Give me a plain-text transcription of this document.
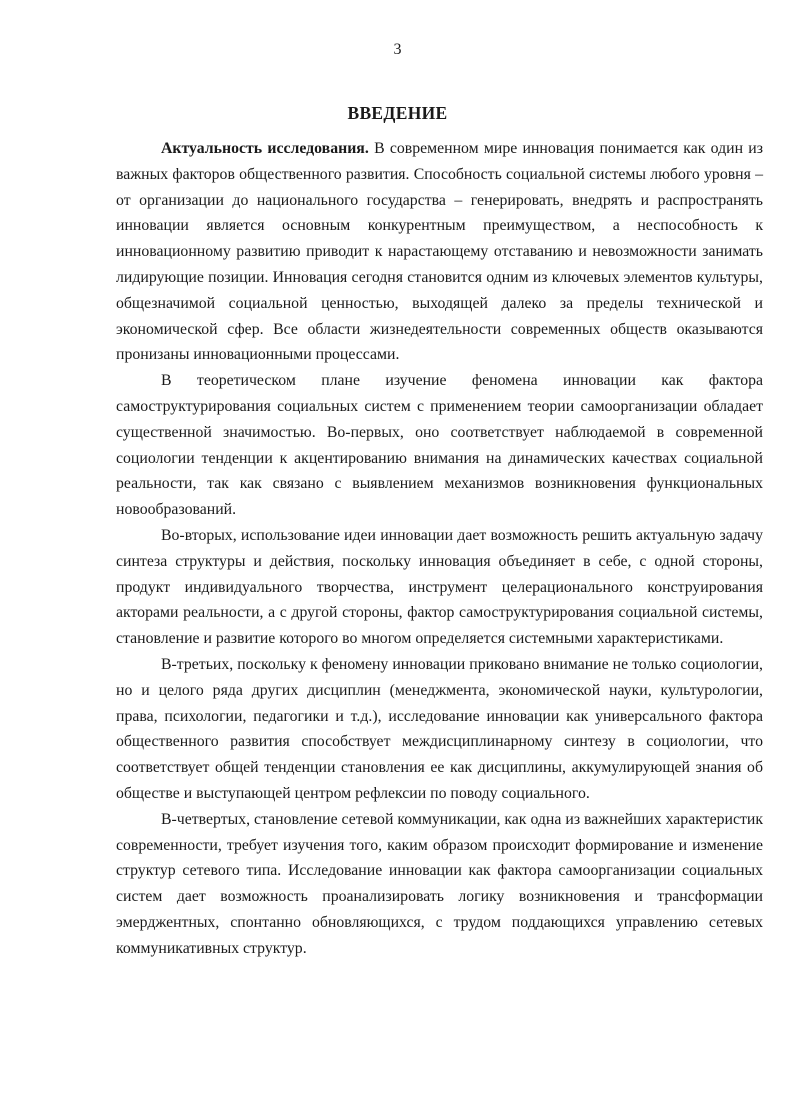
3
ВВЕДЕНИЕ

Актуальность исследования. В современном мире инновация понимается как один из важных факторов общественного развития. Способность социальной системы любого уровня – от организации до национального государства – генерировать, внедрять и распространять инновации является основным конкурентным преимуществом, а неспособность к инновационному развитию приводит к нарастающему отставанию и невозможности занимать лидирующие позиции. Инновация сегодня становится одним из ключевых элементов культуры, общезначимой социальной ценностью, выходящей далеко за пределы технической и экономической сфер. Все области жизнедеятельности современных обществ оказываются пронизаны инновационными процессами.

В теоретическом плане изучение феномена инновации как фактора самоструктурирования социальных систем с применением теории самоорганизации обладает существенной значимостью. Во-первых, оно соответствует наблюдаемой в современной социологии тенденции к акцентированию внимания на динамических качествах социальной реальности, так как связано с выявлением механизмов возникновения функциональных новообразований.

Во-вторых, использование идеи инновации дает возможность решить актуальную задачу синтеза структуры и действия, поскольку инновация объединяет в себе, с одной стороны, продукт индивидуального творчества, инструмент целерационального конструирования акторами реальности, а с другой стороны, фактор самоструктурирования социальной системы, становление и развитие которого во многом определяется системными характеристиками.

В-третьих, поскольку к феномену инновации приковано внимание не только социологии, но и целого ряда других дисциплин (менеджмента, экономической науки, культурологии, права, психологии, педагогики и т.д.), исследование инновации как универсального фактора общественного развития способствует междисциплинарному синтезу в социологии, что соответствует общей тенденции становления ее как дисциплины, аккумулирующей знания об обществе и выступающей центром рефлексии по поводу социального.

В-четвертых, становление сетевой коммуникации, как одна из важнейших характеристик современности, требует изучения того, каким образом происходит формирование и изменение структур сетевого типа. Исследование инновации как фактора самоорганизации социальных систем дает возможность проанализировать логику возникновения и трансформации эмерджентных, спонтанно обновляющихся, с трудом поддающихся управлению сетевых коммуникативных структур.
